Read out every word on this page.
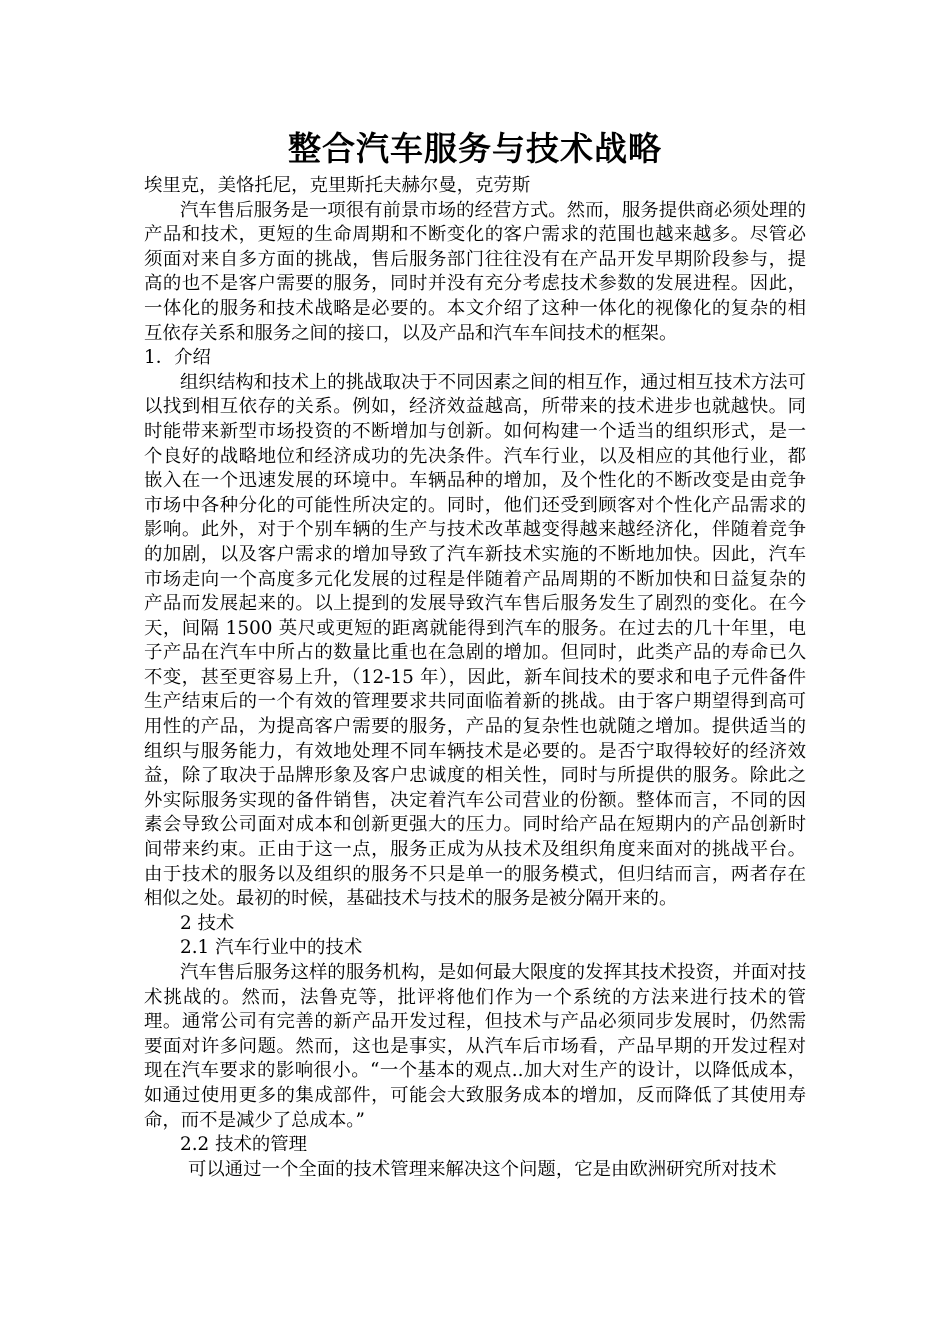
整合汽车服务与技术战略

埃里克，美恪托尼，克里斯托夫赫尔曼，克劳斯

汽车售后服务是一项很有前景市场的经营方式。然而，服务提供商必须处理的产品和技术，更短的生命周期和不断变化的客户需求的范围也越来越多。尽管必须面对来自多方面的挑战，售后服务部门往往没有在产品开发早期阶段参与，提高的也不是客户需要的服务，同时并没有充分考虑技术参数的发展进程。因此，一体化的服务和技术战略是必要的。本文介绍了这种一体化的视像化的复杂的相互依存关系和服务之间的接口，以及产品和汽车车间技术的框架。

1．介绍

组织结构和技术上的挑战取决于不同因素之间的相互作，通过相互技术方法可以找到相互依存的关系。例如，经济效益越高，所带来的技术进步也就越快。同时能带来新型市场投资的不断增加与创新。如何构建一个适当的组织形式，是一个良好的战略地位和经济成功的先决条件。汽车行业，以及相应的其他行业，都嵌入在一个迅速发展的环境中。车辆品种的增加，及个性化的不断改变是由竞争市场中各种分化的可能性所决定的。同时，他们还受到顾客对个性化产品需求的影响。此外，对于个别车辆的生产与技术改革越变得越来越经济化，伴随着竞争的加剧，以及客户需求的增加导致了汽车新技术实施的不断地加快。因此，汽车市场走向一个高度多元化发展的过程是伴随着产品周期的不断加快和日益复杂的产品而发展起来的。以上提到的发展导致汽车售后服务发生了剧烈的变化。在今天，间隔 1500 英尺或更短的距离就能得到汽车的服务。在过去的几十年里，电子产品在汽车中所占的数量比重也在急剧的增加。但同时，此类产品的寿命已久不变，甚至更容易上升，（12-15 年），因此，新车间技术的要求和电子元件备件生产结束后的一个有效的管理要求共同面临着新的挑战。由于客户期望得到高可用性的产品，为提高客户需要的服务，产品的复杂性也就随之增加。提供适当的组织与服务能力，有效地处理不同车辆技术是必要的。是否宁取得较好的经济效益，除了取决于品牌形象及客户忠诚度的相关性，同时与所提供的服务。除此之外实际服务实现的备件销售，决定着汽车公司营业的份额。整体而言，不同的因素会导致公司面对成本和创新更强大的压力。同时给产品在短期内的产品创新时间带来约束。正由于这一点，服务正成为从技术及组织角度来面对的挑战平台。由于技术的服务以及组织的服务不只是单一的服务模式，但归结而言，两者存在相似之处。最初的时候，基础技术与技术的服务是被分隔开来的。

2 技术

2.1 汽车行业中的技术

汽车售后服务这样的服务机构，是如何最大限度的发挥其技术投资，并面对技术挑战的。然而，法鲁克等，批评将他们作为一个系统的方法来进行技术的管理。通常公司有完善的新产品开发过程，但技术与产品必须同步发展时，仍然需要面对许多问题。然而，这也是事实，从汽车后市场看，产品早期的开发过程对现在汽车要求的影响很小。“一个基本的观点..加大对生产的设计，以降低成本，如通过使用更多的集成部件，可能会大致服务成本的增加，反而降低了其使用寿命，而不是减少了总成本。”

2.2 技术的管理

可以通过一个全面的技术管理来解决这个问题，它是由欧洲研究所对技术
